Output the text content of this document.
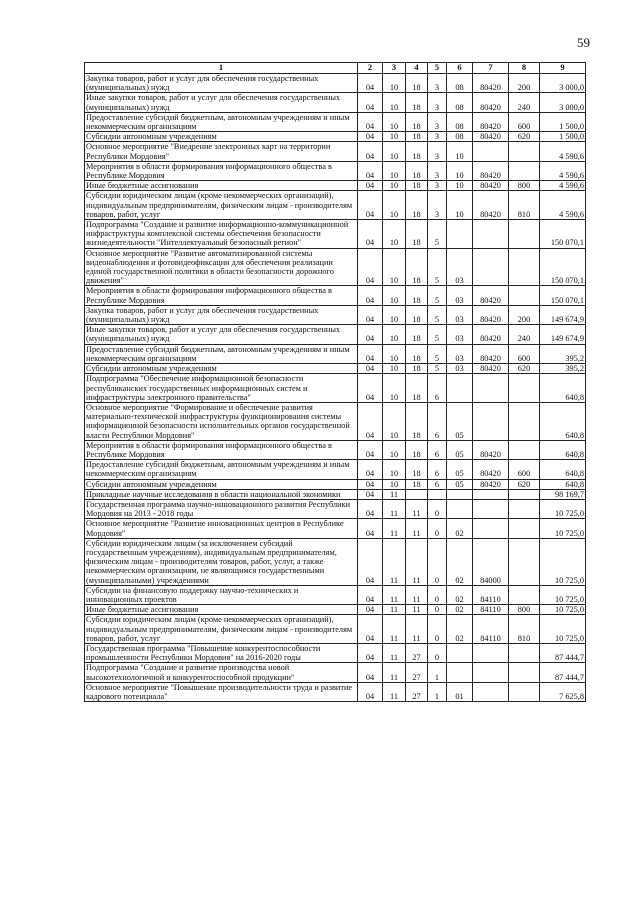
59
1	2	3	4	5	6	7	8	9
Закупка товаров, работ и услуг для обеспечения государственных (муниципальных) нужд	04	10	18	3	08	80420	200	3 000,0
Иные закупки товаров, работ и услуг для обеспечения государственных (муниципальных) нужд	04	10	18	3	08	80420	240	3 000,0
Предоставление субсидий бюджетным, автономным учреждениям и иным некоммерческим организациям	04	10	18	3	08	80420	600	1 500,0
Субсидии автономным учреждениям	04	10	18	3	08	80420	620	1 500,0
Основное мероприятие "Внедрение электронных карт на территории Республики Мордовия"	04	10	18	3	10			4 590,6
Мероприятия в области формирования информационного общества в Республике Мордовия	04	10	18	3	10	80420		4 590,6
Иные бюджетные ассигнования	04	10	18	3	10	80420	800	4 590,6
Субсидии юридическим лицам (кроме некоммерческих организаций), индивидуальным предпринимателям, физическим лицам - производителям товаров, работ, услуг	04	10	18	3	10	80420	810	4 590,6
Подпрограмма "Создание и развитие информационно-коммуникационной инфраструктуры комплексной системы обеспечения безопасности жизнедеятельности "Интеллектуальный безопасный регион"	04	10	18	5				150 070,1
Основное мероприятие "Развитие автоматизированной системы видеонаблюдения и фотовидеофиксации для обеспечения реализации единой государственной политики в области безопасности дорожного движения"	04	10	18	5	03			150 070,1
Мероприятия в области формирования информационного общества в Республике Мордовия	04	10	18	5	03	80420		150 070,1
Закупка товаров, работ и услуг для обеспечения государственных (муниципальных) нужд	04	10	18	5	03	80420	200	149 674,9
Иные закупки товаров, работ и услуг для обеспечения государственных (муниципальных) нужд	04	10	18	5	03	80420	240	149 674,9
Предоставление субсидий бюджетным, автономным учреждениям и иным некоммерческим организациям	04	10	18	5	03	80420	600	395,2
Субсидии автономным учреждениям	04	10	18	5	03	80420	620	395,2
Подпрограмма "Обеспечение информационной безопасности республиканских государственных информационных систем и инфраструктуры электронного правительства"	04	10	18	6				640,8
Основное мероприятие "Формирование и обеспечение развития материально-технической инфраструктуры функционирования системы информационной безопасности исполнительных органов государственной власти Республики Мордовия"	04	10	18	6	05			640,8
Мероприятия в области формирования информационного общества в Республике Мордовия	04	10	18	6	05	80420		640,8
Предоставление субсидий бюджетным, автономным учреждениям и иным некоммерческим организациям	04	10	18	6	05	80420	600	640,8
Субсидии автономным учреждениям	04	10	18	6	05	80420	620	640,8
Прикладные научные исследования в области национальной экономики	04	11						98 169,7
Государственная программа научно-инновационного развития Республики Мордовия на 2013 - 2018 годы	04	11	11	0				10 725,0
Основное мероприятие "Развитие инновационных центров в Республике Мордовия"	04	11	11	0	02			10 725,0
Субсидии юридическим лицам (за исключением субсидий государственным учреждениям), индивидуальным предпринимателям, физическим лицам - производителям товаров, работ, услуг, а также некоммерческим организациям, не являющимся государственными (муниципальными) учреждениями	04	11	11	0	02	84000		10 725,0
Субсидии на финансовую поддержку научно-технических и инновационных проектов	04	11	11	0	02	84110		10 725,0
Иные бюджетные ассигнования	04	11	11	0	02	84110	800	10 725,0
Субсидии юридическим лицам (кроме некоммерческих организаций), индивидуальным предпринимателям, физическим лицам - производителям товаров, работ, услуг	04	11	11	0	02	84110	810	10 725,0
Государственная программа "Повышение конкурентоспособности промышленности Республики Мордовия" на 2016-2020 годы	04	11	27	0				87 444,7
Подпрограмма "Создание и развитие производства новой высокотехнологичной и конкурентоспособной продукции"	04	11	27	1				87 444,7
Основное мероприятие "Повышение производительности труда и развитие кадрового потенциала"	04	11	27	1	01			7 625,8
